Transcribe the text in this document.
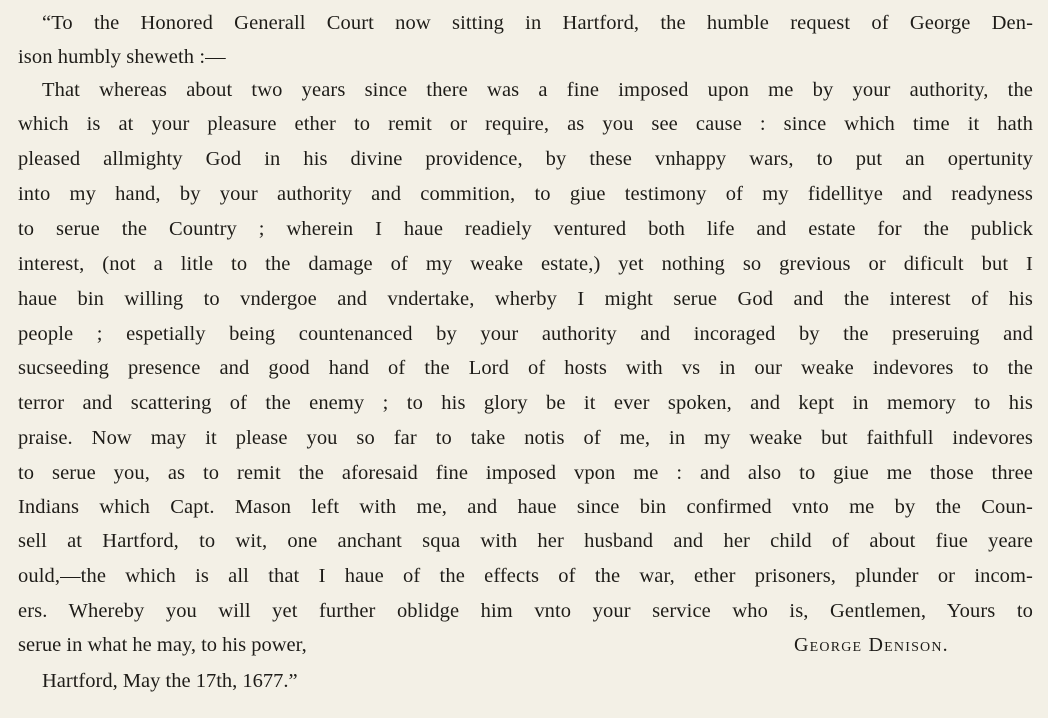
“To the Honored Generall Court now sitting in Hartford, the humble request of George Den-
ison humbly sheweth :—
That whereas about two years since there was a fine imposed upon me by your authority, the
which is at your pleasure ether to remit or require, as you see cause : since which time it hath
pleased allmighty God in his divine providence, by these vnhappy wars, to put an opertunity
into my hand, by your authority and commition, to giue testimony of my fidellitye and readyness
to serue the Country ; wherein I haue readiely ventured both life and estate for the publick
interest, (not a litle to the damage of my weake estate,) yet nothing so grevious or dificult but I
haue bin willing to vndergoe and vndertake, wherby I might serue God and the interest of his
people ; espetially being countenanced by your authority and incoraged by the preseruing and
sucseeding presence and good hand of the Lord of hosts with vs in our weake indevores to the
terror and scattering of the enemy ; to his glory be it ever spoken, and kept in memory to his
praise. Now may it please you so far to take notis of me, in my weake but faithfull indevores
to serue you, as to remit the aforesaid fine imposed vpon me : and also to giue me those three
Indians which Capt. Mason left with me, and haue since bin confirmed vnto me by the Coun-
sell at Hartford, to wit, one anchant squa with her husband and her child of about fiue yeare
ould,—the which is all that I haue of the effects of the war, ether prisoners, plunder or incom-
ers. Whereby you will yet further oblidge him vnto your service who is, Gentlemen, Yours to
serue in what he may, to his power,	George Denison.
Hartford, May the 17th, 1677.”
